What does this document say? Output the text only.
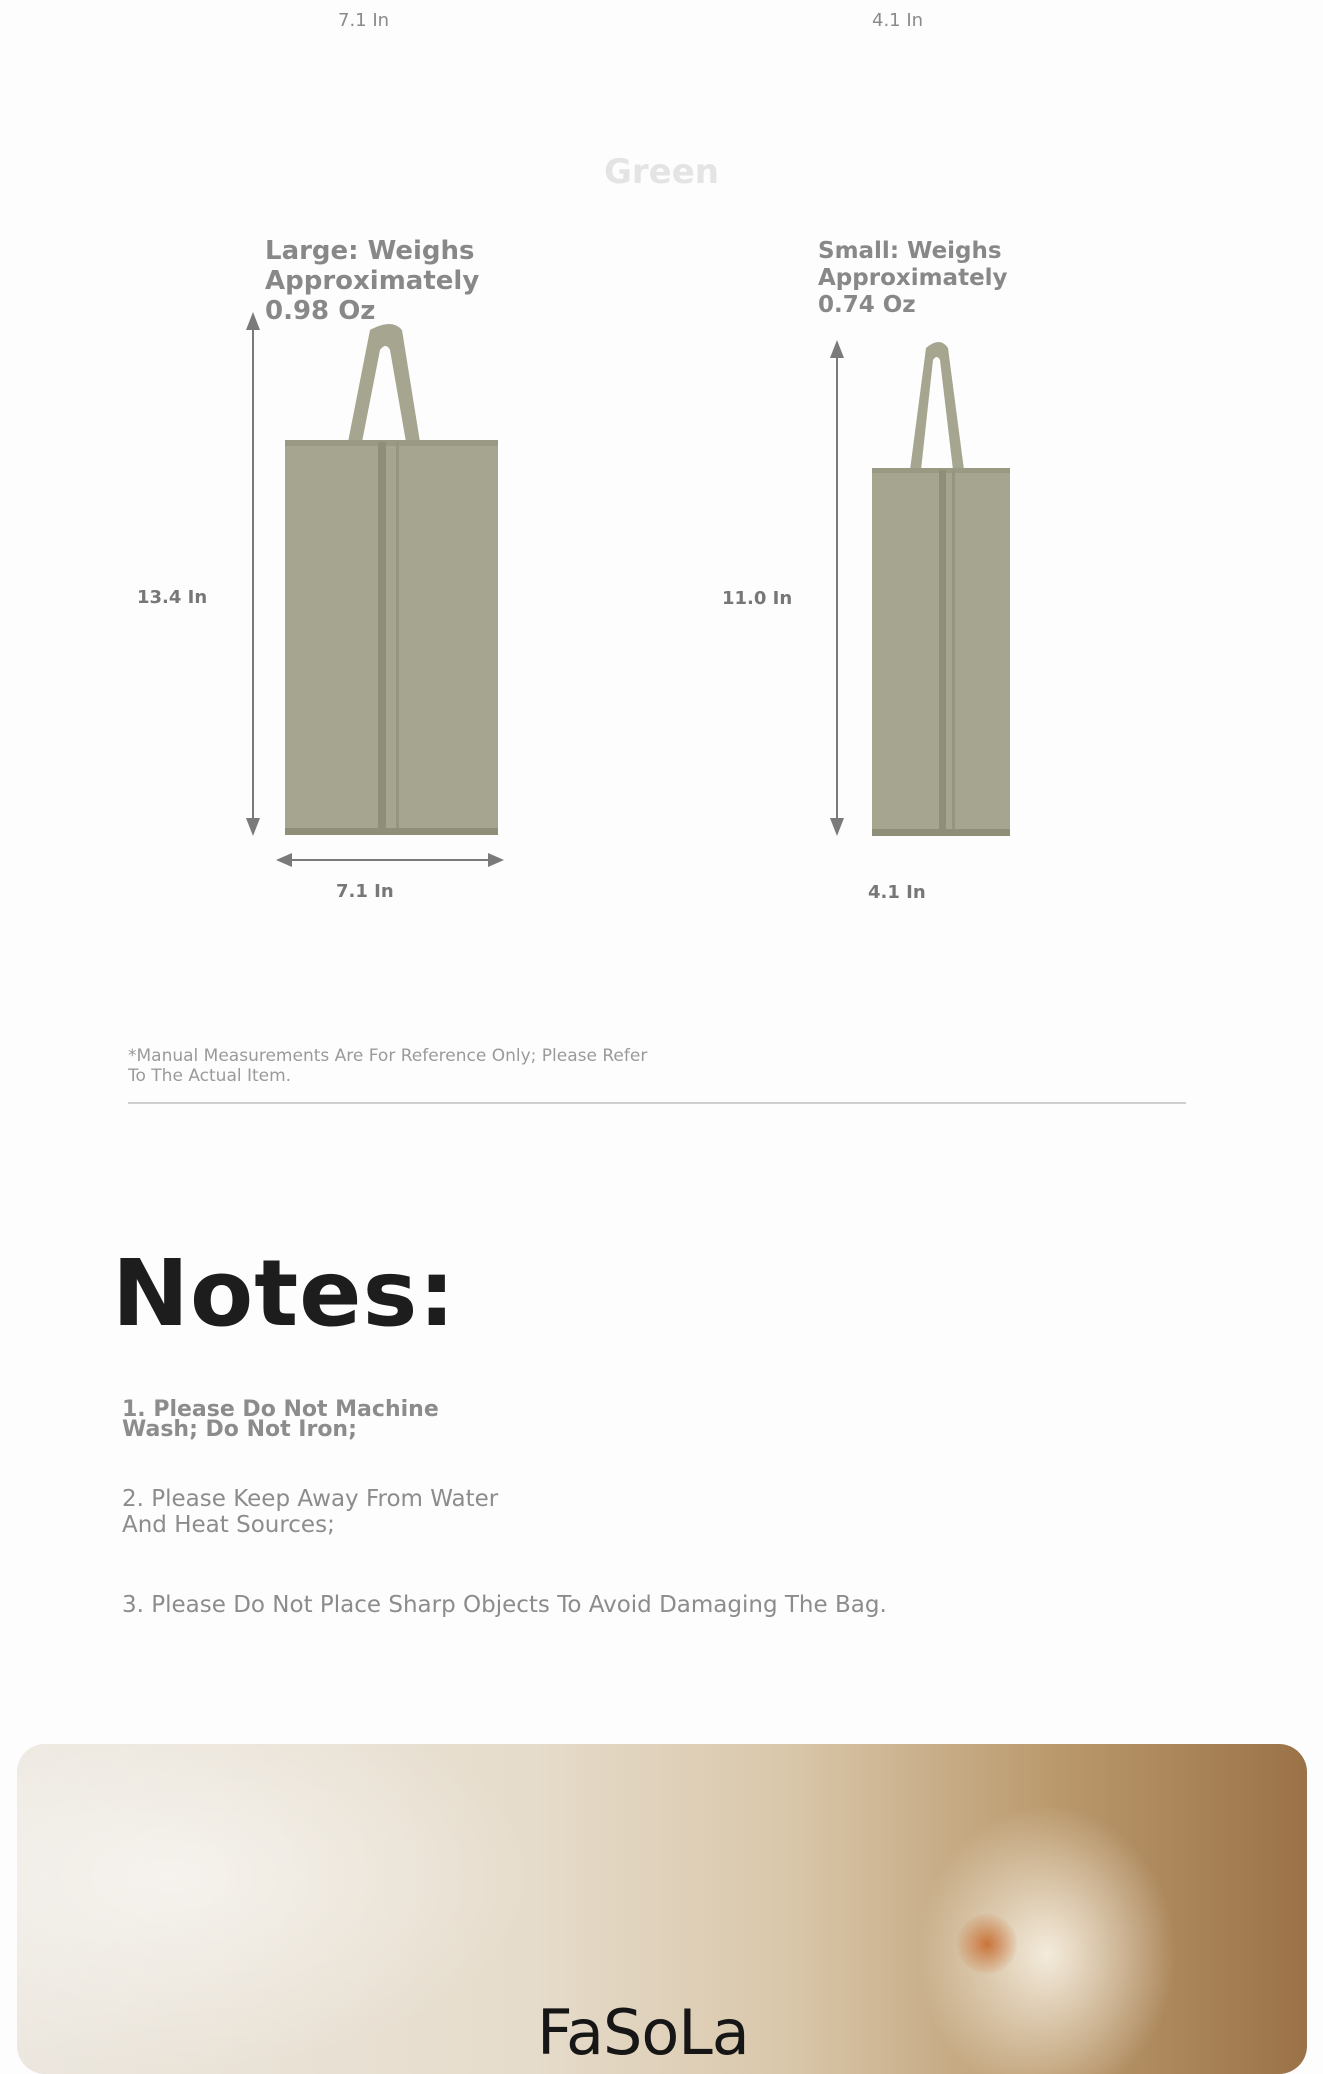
7.1 In	4.1 In
Green
Large: Weighs Approximately 0.98 Oz
13.4 In
7.1 In
Small: Weighs Approximately 0.74 Oz
11.0 In
4.1 In
*Manual Measurements Are For Reference Only; Please Refer To The Actual Item.
Notes:
1. Please Do Not Machine Wash; Do Not Iron;
2. Please Keep Away From Water And Heat Sources;
3. Please Do Not Place Sharp Objects To Avoid Damaging The Bag.
FaSoLa
